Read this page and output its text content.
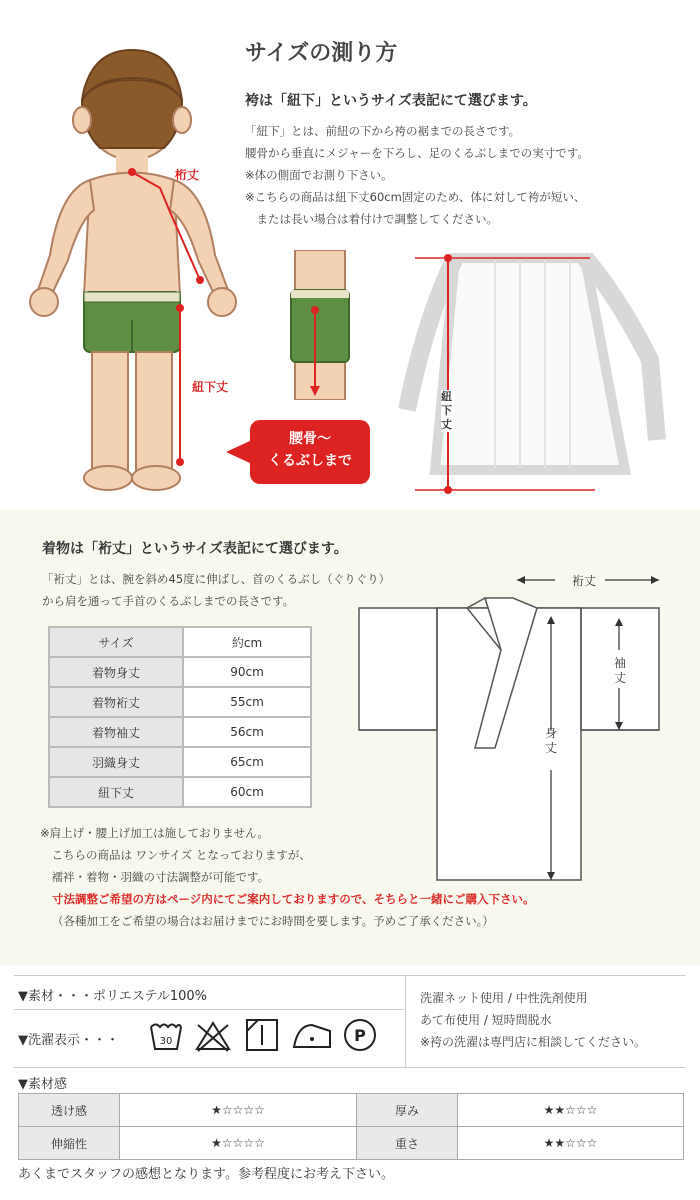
桁丈
紐下丈
腰骨～
くるぶしまで
サイズの測り方
袴は「紐下」というサイズ表記にて選びます。
「紐下」とは、前紐の下から袴の裾までの長さです。
腰骨から垂直にメジャーを下ろし、足のくるぶしまでの実寸です。
※体の側面でお測り下さい。
※こちらの商品は紐下丈60cm固定のため、体に対して袴が短い、
　または長い場合は着付けで調整してください。
紐下丈
着物は「裄丈」というサイズ表記にて選びます。
「裄丈」とは、腕を斜め45度に伸ばし、首のくるぶし（ぐりぐり）
から肩を通って手首のくるぶしまでの長さです。
サイズ	約cm
着物身丈	90cm
着物裄丈	55cm
着物袖丈	56cm
羽織身丈	65cm
紐下丈	60cm
裄丈
袖丈
身丈
※肩上げ・腰上げ加工は施しておりません。
　こちらの商品は ワンサイズ となっておりますが、
　襦袢・着物・羽織の寸法調整が可能です。
寸法調整ご希望の方はページ内にてご案内しておりますので、そちらと一緒にご購入下さい。
（各種加工をご希望の場合はお届けまでにお時間を要します。予めご了承ください。）
▼素材・・・ポリエステル100%
▼洗濯表示・・・	30	P
洗濯ネット使用 / 中性洗剤使用
あて布使用 / 短時間脱水
※袴の洗濯は専門店に相談してください。
▼素材感
透け感	★☆☆☆☆	厚み	★★☆☆☆
伸縮性	★☆☆☆☆	重さ	★★☆☆☆
あくまでスタッフの感想となります。参考程度にお考え下さい。
